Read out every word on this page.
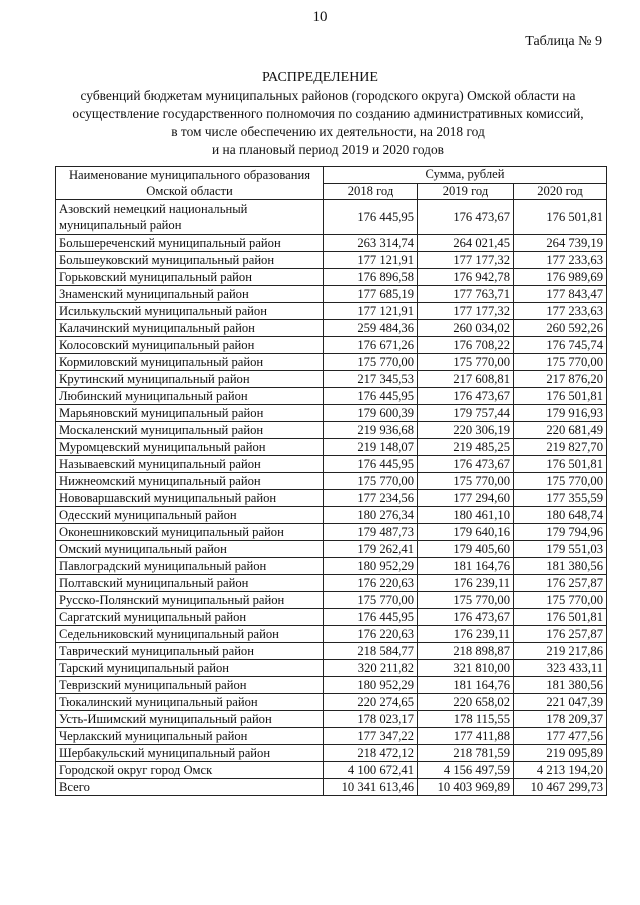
10
Таблица № 9
РАСПРЕДЕЛЕНИЕ
субвенций бюджетам муниципальных районов (городского округа) Омской области на
осуществление государственного полномочия по созданию административных комиссий,
в том числе обеспечению их деятельности, на 2018 год
и на плановый период 2019 и 2020 годов
Наименование муниципального образования Омской области	Сумма, рублей		
	2018 год	2019 год	2020 год
Азовский немецкий национальный муниципальный район	176 445,95	176 473,67	176 501,81
Большереченский муниципальный район	263 314,74	264 021,45	264 739,19
Большеуковский муниципальный район	177 121,91	177 177,32	177 233,63
Горьковский муниципальный район	176 896,58	176 942,78	176 989,69
Знаменский муниципальный район	177 685,19	177 763,71	177 843,47
Исилькульский муниципальный район	177 121,91	177 177,32	177 233,63
Калачинский муниципальный район	259 484,36	260 034,02	260 592,26
Колосовский муниципальный район	176 671,26	176 708,22	176 745,74
Кормиловский муниципальный район	175 770,00	175 770,00	175 770,00
Крутинский муниципальный район	217 345,53	217 608,81	217 876,20
Любинский муниципальный район	176 445,95	176 473,67	176 501,81
Марьяновский муниципальный район	179 600,39	179 757,44	179 916,93
Москаленский муниципальный район	219 936,68	220 306,19	220 681,49
Муромцевский муниципальный район	219 148,07	219 485,25	219 827,70
Называевский муниципальный район	176 445,95	176 473,67	176 501,81
Нижнеомский муниципальный район	175 770,00	175 770,00	175 770,00
Нововаршавский муниципальный район	177 234,56	177 294,60	177 355,59
Одесский муниципальный район	180 276,34	180 461,10	180 648,74
Оконешниковский муниципальный район	179 487,73	179 640,16	179 794,96
Омский муниципальный район	179 262,41	179 405,60	179 551,03
Павлоградский муниципальный район	180 952,29	181 164,76	181 380,56
Полтавский муниципальный район	176 220,63	176 239,11	176 257,87
Русско-Полянский муниципальный район	175 770,00	175 770,00	175 770,00
Саргатский муниципальный район	176 445,95	176 473,67	176 501,81
Седельниковский муниципальный район	176 220,63	176 239,11	176 257,87
Таврический муниципальный район	218 584,77	218 898,87	219 217,86
Тарский муниципальный район	320 211,82	321 810,00	323 433,11
Тевризский муниципальный район	180 952,29	181 164,76	181 380,56
Тюкалинский муниципальный район	220 274,65	220 658,02	221 047,39
Усть-Ишимский муниципальный район	178 023,17	178 115,55	178 209,37
Черлакский муниципальный район	177 347,22	177 411,88	177 477,56
Шербакульский муниципальный район	218 472,12	218 781,59	219 095,89
Городской округ город Омск	4 100 672,41	4 156 497,59	4 213 194,20
Всего	10 341 613,46	10 403 969,89	10 467 299,73
